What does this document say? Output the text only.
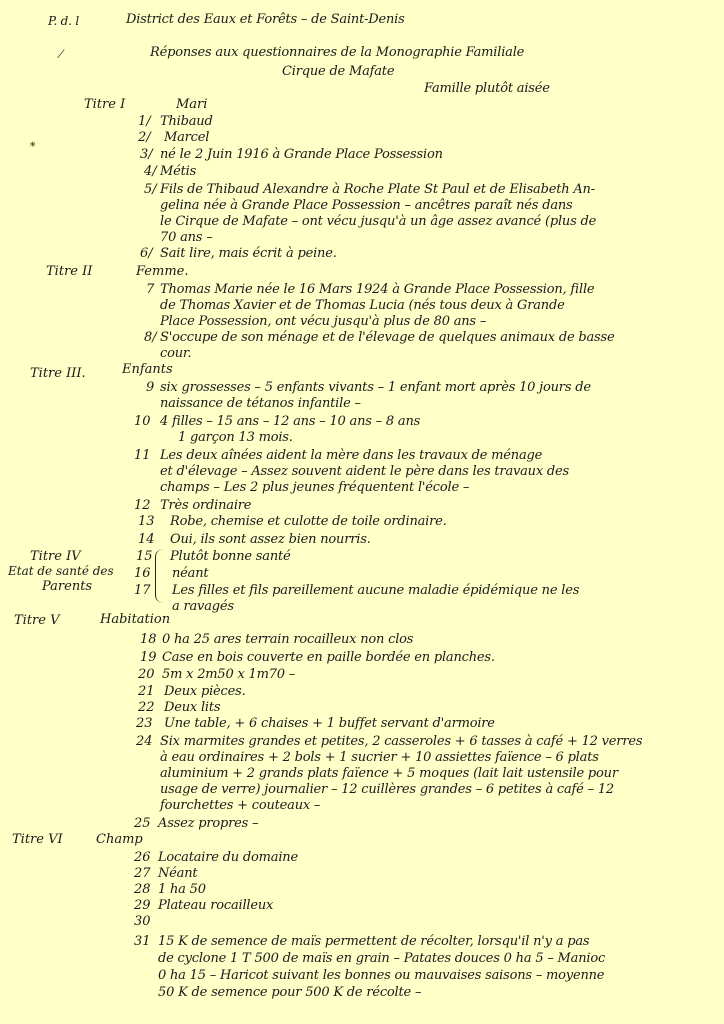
P. d. l
⁄
*
District des Eaux et Forêts – de Saint-Denis
Réponses aux questionnaires de la Monographie Familiale
Cirque de Mafate
Famille plutôt aisée
Titre I
Titre II
Titre III.
Titre IV
Etat de santé des
Parents
Titre V
Titre VI
Mari
Femme.
Enfants
Habitation
Champ
1/ Thibaud
2/ Marcel
3/ né le 2 Juin 1916 à Grande Place Possession
4/ Métis
5/ Fils de Thibaud Alexandre à Roche Plate St Paul et de Elisabeth An-
gelina née à Grande Place Possession – ancêtres paraît nés dans
le Cirque de Mafate – ont vécu jusqu'à un âge assez avancé (plus de
70 ans –
6/ Sait lire, mais écrit à peine.
7 Thomas Marie née le 16 Mars 1924 à Grande Place Possession, fille
de Thomas Xavier et de Thomas Lucia (nés tous deux à Grande
Place Possession, ont vécu jusqu'à plus de 80 ans –
8/ S'occupe de son ménage et de l'élevage de quelques animaux de basse
cour.
9 six grossesses – 5 enfants vivants – 1 enfant mort après 10 jours de
naissance de tétanos infantile –
10 4 filles – 15 ans – 12 ans – 10 ans – 8 ans
1 garçon 13 mois.
11 Les deux aînées aident la mère dans les travaux de ménage
et d'élevage – Assez souvent aident le père dans les travaux des
champs – Les 2 plus jeunes fréquentent l'école –
12 Très ordinaire
13 Robe, chemise et culotte de toile ordinaire.
14 Oui, ils sont assez bien nourris.
15 Plutôt bonne santé
16 néant
17 Les filles et fils pareillement aucune maladie épidémique ne les
a ravagés
18 0 ha 25 ares terrain rocailleux non clos
19 Case en bois couverte en paille bordée en planches.
20 5m x 2m50 x 1m70 –
21 Deux pièces.
22 Deux lits
23 Une table, + 6 chaises + 1 buffet servant d'armoire
24 Six marmites grandes et petites, 2 casseroles + 6 tasses à café + 12 verres
à eau ordinaires + 2 bols + 1 sucrier + 10 assiettes faïence – 6 plats
aluminium + 2 grands plats faïence + 5 moques (lait lait ustensile pour
usage de verre) journalier – 12 cuillères grandes – 6 petites à café – 12
fourchettes + couteaux –
25 Assez propres –
26 Locataire du domaine
27 Néant
28 1 ha 50
29 Plateau rocailleux
30
31 15 K de semence de maïs permettent de récolter, lorsqu'il n'y a pas
de cyclone 1 T 500 de maïs en grain – Patates douces 0 ha 5 – Manioc
0 ha 15 – Haricot suivant les bonnes ou mauvaises saisons – moyenne
50 K de semence pour 500 K de récolte –
